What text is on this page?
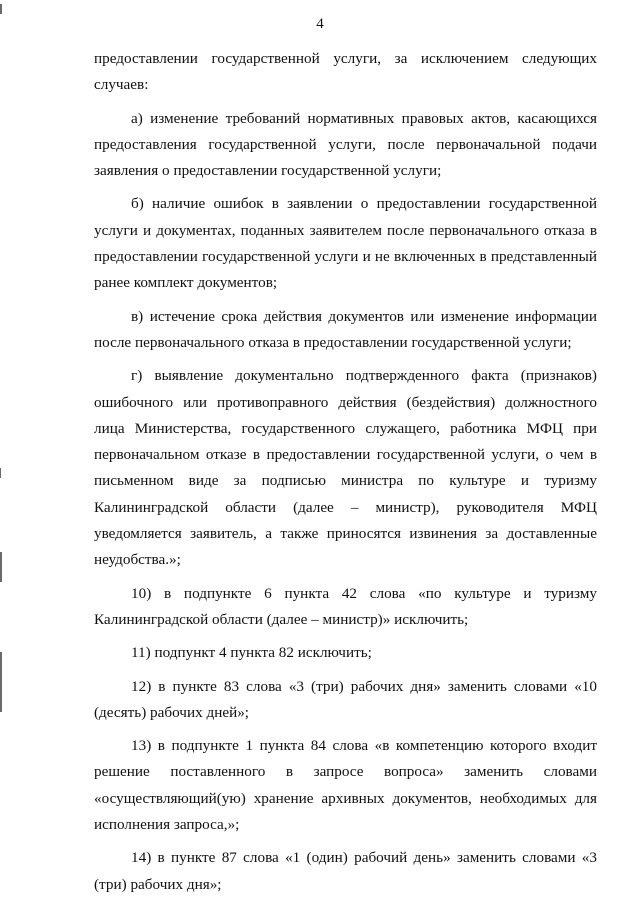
4

предоставлении государственной услуги, за исключением следующих случаев:

а) изменение требований нормативных правовых актов, касающихся предоставления государственной услуги, после первоначальной подачи заявления о предоставлении государственной услуги;

б) наличие ошибок в заявлении о предоставлении государственной услуги и документах, поданных заявителем после первоначального отказа в предоставлении государственной услуги и не включенных в представленный ранее комплект документов;

в) истечение срока действия документов или изменение информации после первоначального отказа в предоставлении государственной услуги;

г) выявление документально подтвержденного факта (признаков) ошибочного или противоправного действия (бездействия) должностного лица Министерства, государственного служащего, работника МФЦ при первоначальном отказе в предоставлении государственной услуги, о чем в письменном виде за подписью министра по культуре и туризму Калининградской области (далее – министр), руководителя МФЦ уведомляется заявитель, а также приносятся извинения за доставленные неудобства.»;

10) в подпункте 6 пункта 42 слова «по культуре и туризму Калининградской области (далее – министр)» исключить;

11) подпункт 4 пункта 82 исключить;

12) в пункте 83 слова «3 (три) рабочих дня» заменить словами «10 (десять) рабочих дней»;

13) в подпункте 1 пункта 84 слова «в компетенцию которого входит решение поставленного в запросе вопроса» заменить словами «осуществляющий(ую) хранение архивных документов, необходимых для исполнения запроса,»;

14) в пункте 87 слова «1 (один) рабочий день» заменить словами «3 (три) рабочих дня»;
